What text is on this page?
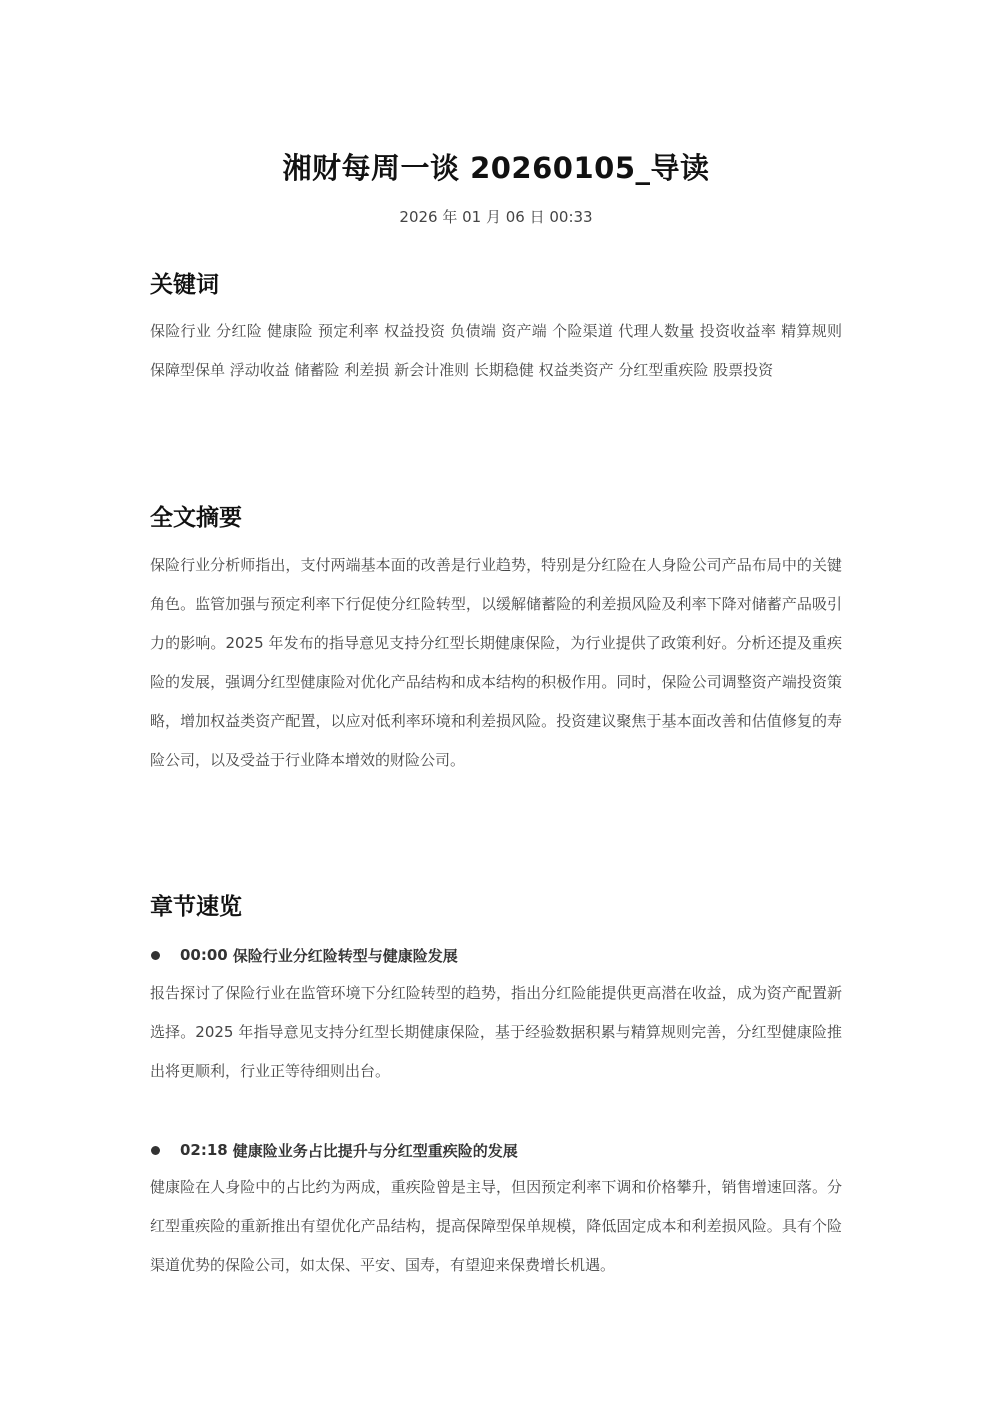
湘财每周一谈 20260105_导读
2026 年 01 月 06 日 00:33
关键词
保险行业 分红险 健康险 预定利率 权益投资 负债端 资产端 个险渠道 代理人数量 投资收益率 精算规则 保障型保单 浮动收益 储蓄险 利差损 新会计准则 长期稳健 权益类资产 分红型重疾险 股票投资
全文摘要
保险行业分析师指出，支付两端基本面的改善是行业趋势，特别是分红险在人身险公司产品布局中的关键角色。监管加强与预定利率下行促使分红险转型，以缓解储蓄险的利差损风险及利率下降对储蓄产品吸引力的影响。2025 年发布的指导意见支持分红型长期健康保险，为行业提供了政策利好。分析还提及重疾险的发展，强调分红型健康险对优化产品结构和成本结构的积极作用。同时，保险公司调整资产端投资策略，增加权益类资产配置，以应对低利率环境和利差损风险。投资建议聚焦于基本面改善和估值修复的寿险公司，以及受益于行业降本增效的财险公司。
章节速览
00:00 保险行业分红险转型与健康险发展
报告探讨了保险行业在监管环境下分红险转型的趋势，指出分红险能提供更高潜在收益，成为资产配置新选择。2025 年指导意见支持分红型长期健康保险，基于经验数据积累与精算规则完善，分红型健康险推出将更顺利，行业正等待细则出台。
02:18 健康险业务占比提升与分红型重疾险的发展
健康险在人身险中的占比约为两成，重疾险曾是主导，但因预定利率下调和价格攀升，销售增速回落。分红型重疾险的重新推出有望优化产品结构，提高保障型保单规模，降低固定成本和利差损风险。具有个险渠道优势的保险公司，如太保、平安、国寿，有望迎来保费增长机遇。
